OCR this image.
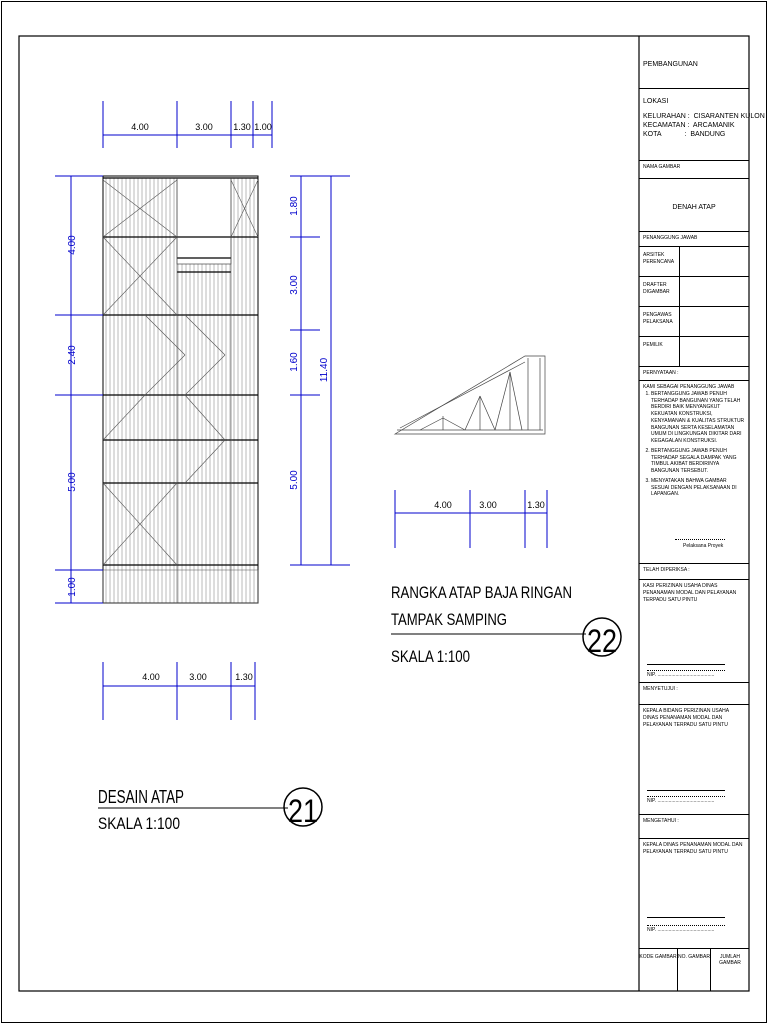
4.00	3.00 1.30 1.00
4.00
2.40
5.00
1.00
1.80
3.00
1.60
5.00
11.40
4.00	3.00	1.30
DESAIN ATAP
SKALA 1:100	21
4.00	3.00	1.30
RANGKA ATAP BAJA RINGAN
TAMPAK SAMPING
SKALA 1:100	22
PEMBANGUNAN
LOKASI
KELURAHAN :  CISARANTEN KULON
KECAMATAN :  ARCAMANIK
KOTA            :  BANDUNG
NAMA GAMBAR
DENAH ATAP
PENANGGUNG JAWAB
ARSITEK PERENCANA
DRAFTER DIGAMBAR
PENGAWAS PELAKSANA
PEMILIK
PERNYATAAN :
KAMI SEBAGAI PENANGGUNG JAWAB
1. BERTANGGUNG JAWAB PENUH TERHADAP BANGUNAN YANG TELAH BERDIRI BAIK MENYANGKUT KEKUATAN KONSTRUKSI, KENYAMANAN & KUALITAS STRUKTUR BANGUNAN SERTA KESELAMATAN UMUM DI LINGKUNGAN DIKITAR DARI KEGAGALAN KONSTRUKSI.
2. BERTANGGUNG JAWAB PENUH TERHADAP SEGALA DAMPAK YANG TIMBUL AKIBAT BERDIRINYA BANGUNAN TERSEBUT.
3. MENYATAKAN BAHWA GAMBAR SESUAI DENGAN PELAKSANAAN DI LAPANGAN.
Pelaksana Proyek
TELAH DIPERIKSA :
KASI PERIZINAN USAHA DINAS PENANAMAN MODAL DAN PELAYANAN TERPADU SATU PINTU
NIP. .........................................
MENYETUJUI :
KEPALA BIDANG PERIZINAN USAHA DINAS PENANAMAN MODAL DAN PELAYANAN TERPADU SATU PINTU
NIP. .........................................
MENGETAHUI :
KEPALA DINAS PENANAMAN MODAL DAN PELAYANAN TERPADU SATU PINTU
NIP. .........................................
KODE GAMBAR NO. GAMBAR	JUMLAH GAMBAR
